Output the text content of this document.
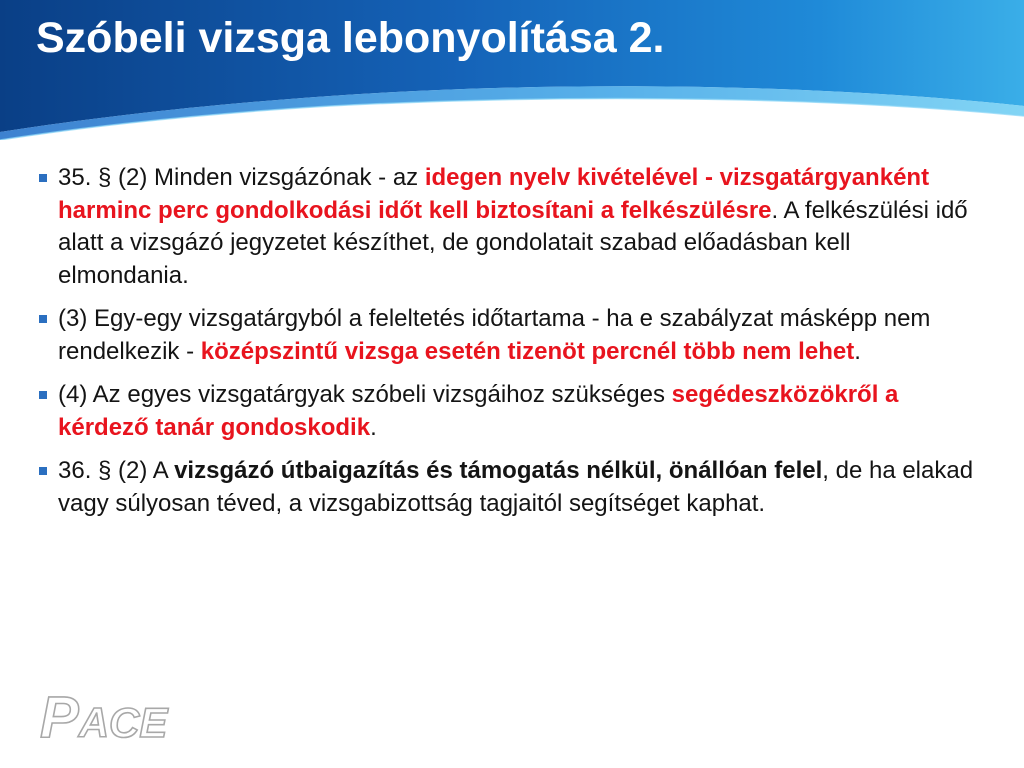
Szóbeli vizsga lebonyolítása 2.
35. § (2) Minden vizsgázónak - az idegen nyelv kivételével - vizsgatárgyanként harminc perc gondolkodási időt kell biztosítani a felkészülésre. A felkészülési idő alatt a vizsgázó jegyzetet készíthet, de gondolatait szabad előadásban kell elmondania.
(3) Egy-egy vizsgatárgyból a feleltetés időtartama - ha e szabályzat másképp nem rendelkezik - középszintű vizsga esetén tizenöt percnél több nem lehet.
(4) Az egyes vizsgatárgyak szóbeli vizsgáihoz szükséges segédeszközökről a kérdező tanár gondoskodik.
36. § (2) A vizsgázó útbaigazítás és támogatás nélkül, önállóan felel, de ha elakad vagy súlyosan téved, a vizsgabizottság tagjaitól segítséget kaphat.
PACE
